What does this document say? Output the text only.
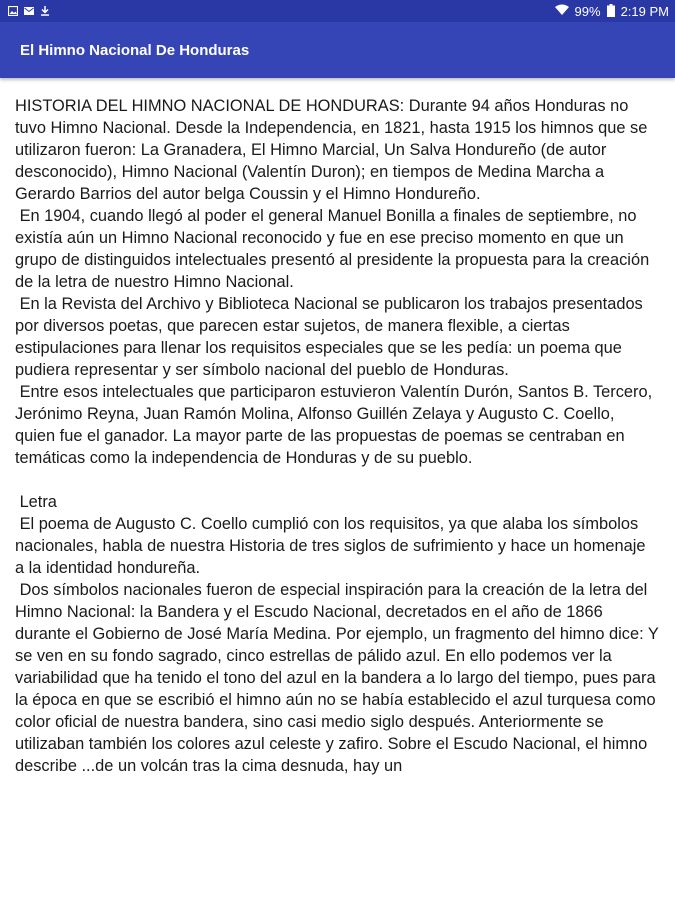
99% 2:19 PM
El Himno Nacional De Honduras
HISTORIA DEL HIMNO NACIONAL DE HONDURAS: Durante 94 años Honduras no tuvo Himno Nacional. Desde la Independencia, en 1821, hasta 1915 los himnos que se utilizaron fueron: La Granadera, El Himno Marcial, Un Salva Hondureño (de autor desconocido), Himno Nacional (Valentín Duron); en tiempos de Medina Marcha a Gerardo Barrios del autor belga Coussin y el Himno Hondureño.
En 1904, cuando llegó al poder el general Manuel Bonilla a finales de septiembre, no existía aún un Himno Nacional reconocido y fue en ese preciso momento en que un grupo de distinguidos intelectuales presentó al presidente la propuesta para la creación de la letra de nuestro Himno Nacional.
En la Revista del Archivo y Biblioteca Nacional se publicaron los trabajos presentados por diversos poetas, que parecen estar sujetos, de manera flexible, a ciertas estipulaciones para llenar los requisitos especiales que se les pedía: un poema que pudiera representar y ser símbolo nacional del pueblo de Honduras.
Entre esos intelectuales que participaron estuvieron Valentín Durón, Santos B. Tercero, Jerónimo Reyna, Juan Ramón Molina, Alfonso Guillén Zelaya y Augusto C. Coello, quien fue el ganador. La mayor parte de las propuestas de poemas se centraban en temáticas como la independencia de Honduras y de su pueblo.

Letra
El poema de Augusto C. Coello cumplió con los requisitos, ya que alaba los símbolos nacionales, habla de nuestra Historia de tres siglos de sufrimiento y hace un homenaje a la identidad hondureña.
Dos símbolos nacionales fueron de especial inspiración para la creación de la letra del Himno Nacional: la Bandera y el Escudo Nacional, decretados en el año de 1866 durante el Gobierno de José María Medina. Por ejemplo, un fragmento del himno dice: Y se ven en su fondo sagrado, cinco estrellas de pálido azul. En ello podemos ver la variabilidad que ha tenido el tono del azul en la bandera a lo largo del tiempo, pues para la época en que se escribió el himno aún no se había establecido el azul turquesa como color oficial de nuestra bandera, sino casi medio siglo después. Anteriormente se utilizaban también los colores azul celeste y zafiro. Sobre el Escudo Nacional, el himno describe ...de un volcán tras la cima desnuda, hay un
